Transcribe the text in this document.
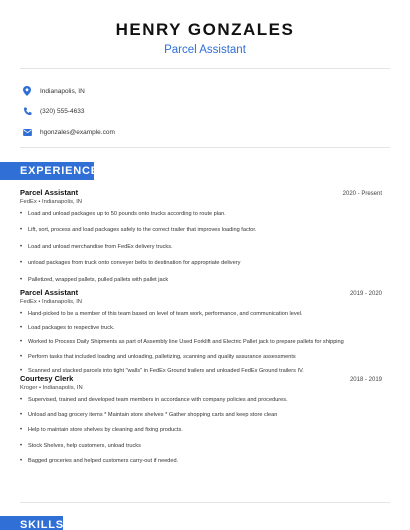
HENRY GONZALES
Parcel Assistant
Indianapolis, IN
(320) 555-4633
hgonzales@example.com
EXPERIENCE
Parcel Assistant	2020 - Present
FedEx • Indianapolis, IN
• Load and unload packages up to 50 pounds onto trucks according to route plan.
• Lift, sort, process and load packages safely to the correct trailer that improves loading factor.
• Load and unload merchandise from FedEx delivery trucks.
• unload packages from truck onto conveyer belts to destination for appropriate delivery
• Palletized, wrapped pallets, pulled pallets with pallet jack
Parcel Assistant	2019 - 2020
FedEx • Indianapolis, IN
• Hand-picked to be a member of this team based on level of team work, performance, and communication level.
• Load packages to respective truck.
• Worked to Process Daily Shipments as part of Assembly line Used Forklift and Electric Pallet jack to prepare pallets for shipping
• Perform tasks that included loading and unloading, palletizing, scanning and quality assurance assessments
• Scanned and stacked parcels into tight "walls" in FedEx Ground trailers and unloaded FedEx Ground trailers IV.
Courtesy Clerk	2018 - 2019
Kroger • Indianapolis, IN
• Supervised, trained and developed team members in accordance with company policies and procedures.
• Unload and bag grocery items * Maintain store shelves * Gather shopping carts and keep store clean
• Help to maintain store shelves by cleaning and fixing products.
• Stock Shelves, help customers, unload trucks
• Bagged groceries and helped customers carry-out if needed.
SKILLS
